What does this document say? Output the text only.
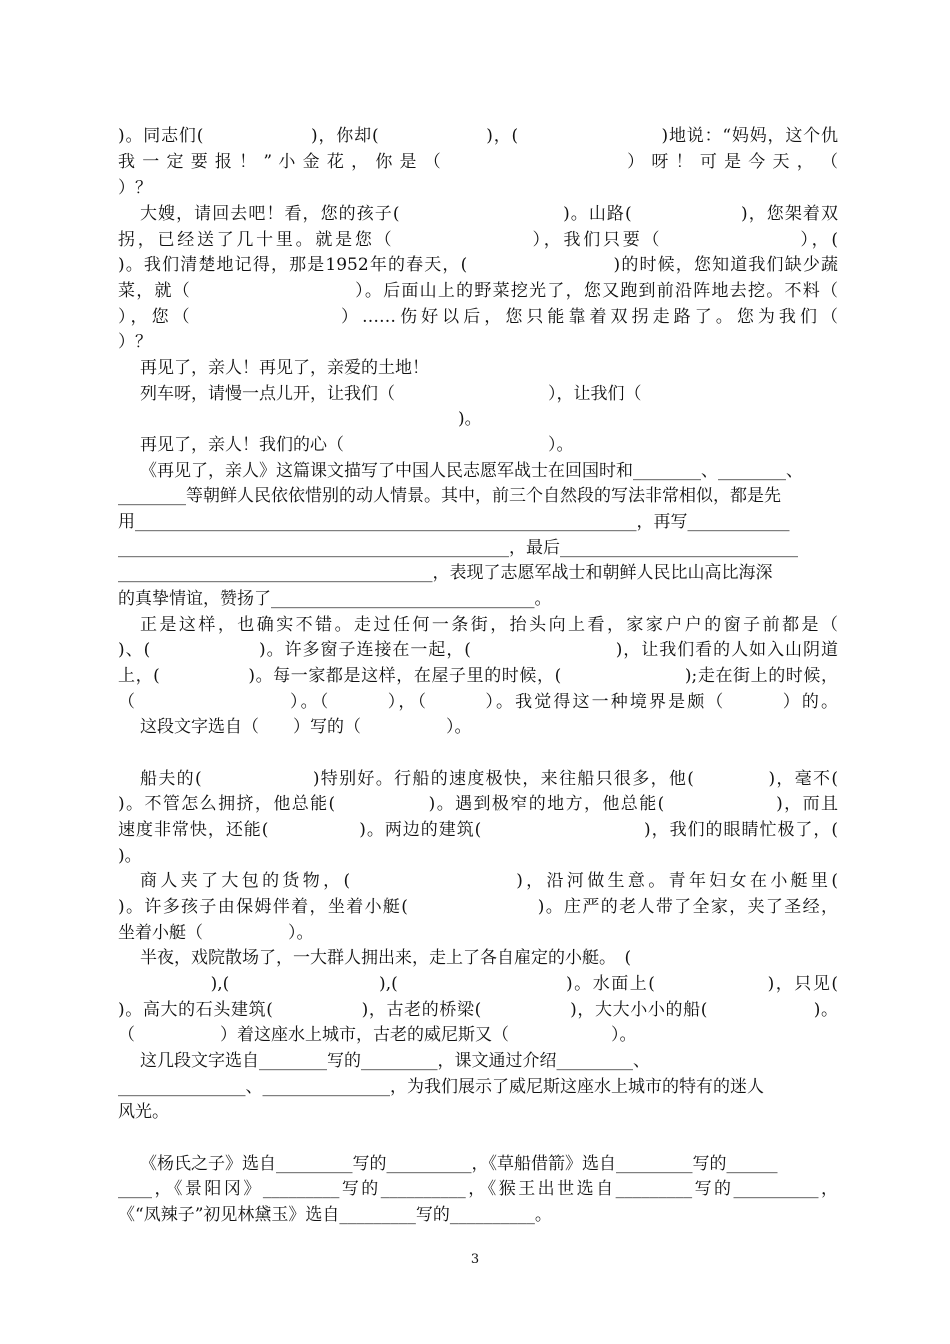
)。同志们(　　　　　　)，你却(　　　　　　)，(　　　　　　　　)地说：“妈妈，这个仇
我 一 定 要 报 ！ ” 小 金 花 ， 你 是 （　　　　　　　　　　 ） 呀 ！ 可 是 今 天 ， （
）？
大嫂，请回去吧！看，您的孩子(　　　　　　　　　)。山路(　　　　　　)，您架着双
拐，已经送了几十里。就是您（　　　　　　　），我们只要（　　　　　　　），(
)。我们清楚地记得，那是1952年的春天，(　　　　　　　　)的时候，您知道我们缺少蔬
菜，就（　　　　　　　　　）。后面山上的野菜挖光了，您又跑到前沿阵地去挖。不料（
），您（　　　　　　　）……伤好以后，您只能靠着双拐走路了。您为我们（
）？
再见了，亲人！再见了，亲爱的土地！
列车呀，请慢一点儿开，让我们（　　　　　　　　　），让我们（
　　　　　　　　　　　　　　　　　　　　)。
再见了，亲人！我们的心（　　　　　　　　　　　　）。
《再见了，亲人》这篇课文描写了中国人民志愿军战士在回国时和________、________、
________等朝鲜人民依依惜别的动人情景。其中，前三个自然段的写法非常相似，都是先
用___________________________________________________________，再写____________
______________________________________________，最后____________________________
_____________________________________，表现了志愿军战士和朝鲜人民比山高比海深
的真挚情谊，赞扬了_______________________________。
正是这样，也确实不错。走过任何一条街，抬头向上看，家家户户的窗子前都是（
)、(　　　　　　)。许多窗子连接在一起，(　　　　　　　　)，让我们看的人如入山阴道
上，(　　　　　)。每一家都是这样，在屋子里的时候，(　　　　　　　);走在街上的时候，
（　　　　　　　　）。（　　　），（　　　）。我觉得这一种境界是颇（　　　）的。
这段文字选自（　　）写的（　　　　　）。
船夫的(　　　　　　)特别好。行船的速度极快，来往船只很多，他(　　　　)，毫不(
)。不管怎么拥挤，他总能(　　　　　)。遇到极窄的地方，他总能(　　　　　　)，而且
速度非常快，还能(　　　　　)。两边的建筑(　　　　　　　　　)，我们的眼睛忙极了，(
)。
商人夹了大包的货物，(　　　　　　　　)，沿河做生意。青年妇女在小艇里(
)。许多孩子由保姆伴着，坐着小艇(　　　　　　　)。庄严的老人带了全家，夹了圣经，
坐着小艇（　　　　　）。
半夜，戏院散场了，一大群人拥出来，走上了各自雇定的小艇。　(
　　　　　),(　　　　　　　　),(　　　　　　　　　)。水面上(　　　　　　)，只见(
)。高大的石头建筑(　　　　　)，古老的桥梁(　　　　　)，大大小小的船(　　　　　　)。
（　　　　　）着这座水上城市，古老的威尼斯又（　　　　　　）。
这几段文字选自________写的_________，课文通过介绍_________、
_______________、_______________，为我们展示了威尼斯这座水上城市的特有的迷人
风光。
《杨氏之子》选自_________写的__________，《草船借箭》选自_________写的______
____，《景阳冈》_________写的__________，《猴王出世选自_________写的__________，
《“凤辣子”初见林黛玉》选自_________写的__________。
3
